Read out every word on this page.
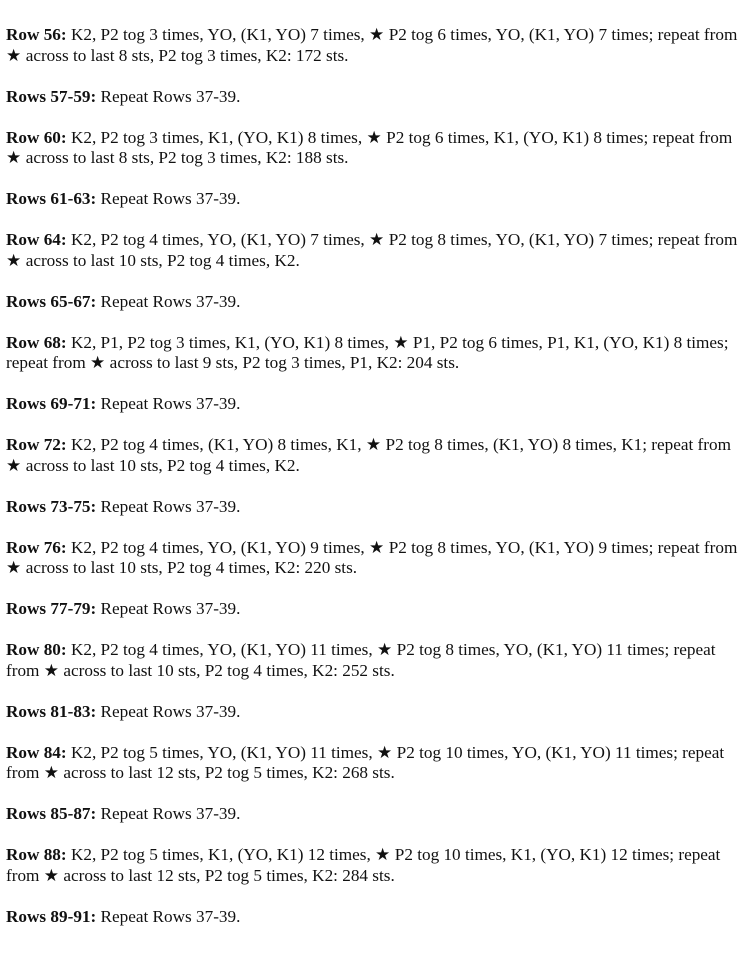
Row 56: K2, P2 tog 3 times, YO, (K1, YO) 7 times, ★ P2 tog 6 times, YO, (K1, YO) 7 times; repeat from ★ across to last 8 sts, P2 tog 3 times, K2: 172 sts.

Rows 57-59: Repeat Rows 37-39.

Row 60: K2, P2 tog 3 times, K1, (YO, K1) 8 times, ★ P2 tog 6 times, K1, (YO, K1) 8 times; repeat from ★ across to last 8 sts, P2 tog 3 times, K2: 188 sts.

Rows 61-63: Repeat Rows 37-39.

Row 64: K2, P2 tog 4 times, YO, (K1, YO) 7 times, ★ P2 tog 8 times, YO, (K1, YO) 7 times; repeat from ★ across to last 10 sts, P2 tog 4 times, K2.

Rows 65-67: Repeat Rows 37-39.

Row 68: K2, P1, P2 tog 3 times, K1, (YO, K1) 8 times, ★ P1, P2 tog 6 times, P1, K1, (YO, K1) 8 times; repeat from ★ across to last 9 sts, P2 tog 3 times, P1, K2: 204 sts.

Rows 69-71: Repeat Rows 37-39.

Row 72: K2, P2 tog 4 times, (K1, YO) 8 times, K1, ★ P2 tog 8 times, (K1, YO) 8 times, K1; repeat from ★ across to last 10 sts, P2 tog 4 times, K2.

Rows 73-75: Repeat Rows 37-39.

Row 76: K2, P2 tog 4 times, YO, (K1, YO) 9 times, ★ P2 tog 8 times, YO, (K1, YO) 9 times; repeat from ★ across to last 10 sts, P2 tog 4 times, K2: 220 sts.

Rows 77-79: Repeat Rows 37-39.

Row 80: K2, P2 tog 4 times, YO, (K1, YO) 11 times, ★ P2 tog 8 times, YO, (K1, YO) 11 times; repeat from ★ across to last 10 sts, P2 tog 4 times, K2: 252 sts.

Rows 81-83: Repeat Rows 37-39.

Row 84: K2, P2 tog 5 times, YO, (K1, YO) 11 times, ★ P2 tog 10 times, YO, (K1, YO) 11 times; repeat from ★ across to last 12 sts, P2 tog 5 times, K2: 268 sts.

Rows 85-87: Repeat Rows 37-39.

Row 88: K2, P2 tog 5 times, K1, (YO, K1) 12 times, ★ P2 tog 10 times, K1, (YO, K1) 12 times; repeat from ★ across to last 12 sts, P2 tog 5 times, K2: 284 sts.

Rows 89-91: Repeat Rows 37-39.
